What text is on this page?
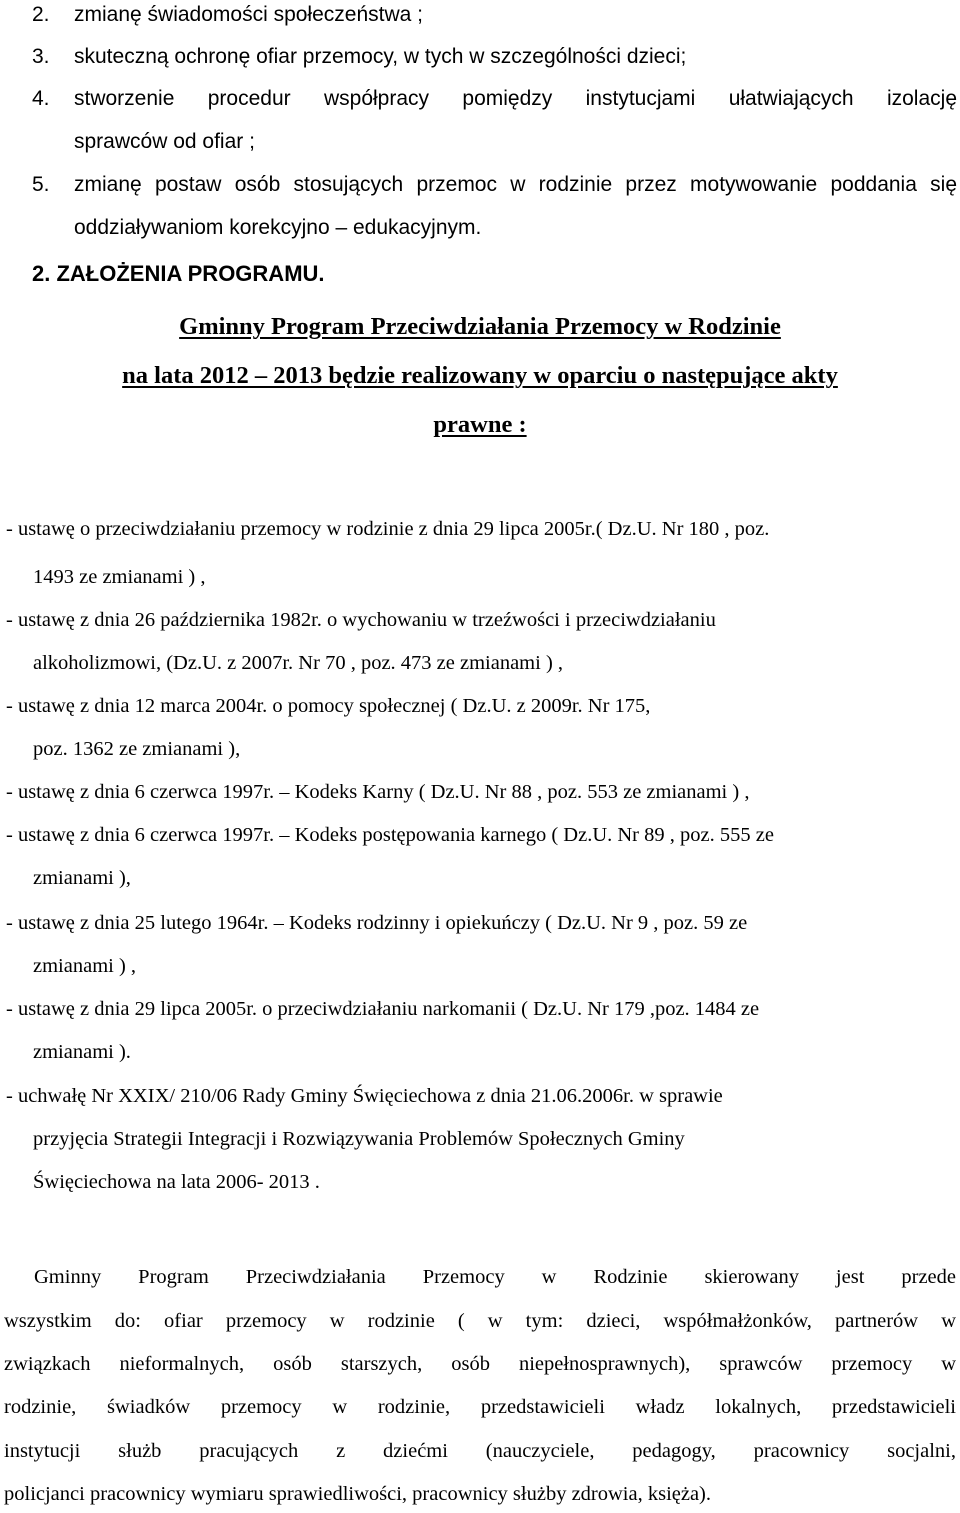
2. zmianę świadomości społeczeństwa ;
3. skuteczną ochronę ofiar przemocy, w tych w szczególności dzieci;
4. stworzenie procedur współpracy pomiędzy instytucjami ułatwiających izolację
sprawców od ofiar ;
5. zmianę postaw osób stosujących przemoc w rodzinie przez motywowanie poddania się
oddziaływaniom korekcyjno – edukacyjnym.
2. ZAŁOŻENIA PROGRAMU.
Gminny Program Przeciwdziałania Przemocy w Rodzinie
na lata 2012 – 2013 będzie realizowany w oparciu o następujące akty
prawne :
- ustawę o przeciwdziałaniu przemocy w rodzinie z dnia 29 lipca 2005r.( Dz.U. Nr 180 , poz.
1493 ze zmianami ) ,
- ustawę z dnia 26 października 1982r. o wychowaniu w trzeźwości i przeciwdziałaniu
alkoholizmowi, (Dz.U. z 2007r. Nr 70 , poz. 473 ze zmianami ) ,
- ustawę z dnia 12 marca 2004r. o pomocy społecznej ( Dz.U. z 2009r. Nr 175,
poz. 1362 ze zmianami ),
- ustawę z dnia 6 czerwca 1997r. – Kodeks Karny ( Dz.U. Nr 88 , poz. 553 ze zmianami ) ,
- ustawę z dnia 6 czerwca 1997r. – Kodeks postępowania karnego ( Dz.U. Nr 89 , poz. 555 ze
zmianami ),
- ustawę z dnia 25 lutego 1964r. – Kodeks rodzinny i opiekuńczy ( Dz.U. Nr 9 , poz. 59 ze
zmianami ) ,
- ustawę z dnia 29 lipca 2005r. o przeciwdziałaniu narkomanii ( Dz.U. Nr 179 ,poz. 1484 ze
zmianami ).
- uchwałę Nr XXIX/ 210/06 Rady Gminy Święciechowa z dnia 21.06.2006r. w sprawie
przyjęcia Strategii Integracji i Rozwiązywania Problemów Społecznych Gminy
Święciechowa na lata 2006- 2013 .
Gminny Program Przeciwdziałania Przemocy w Rodzinie skierowany jest przede
wszystkim do: ofiar przemocy w rodzinie ( w tym: dzieci, współmałżonków, partnerów w
związkach nieformalnych, osób starszych, osób niepełnosprawnych), sprawców przemocy w
rodzinie, świadków przemocy w rodzinie, przedstawicieli władz lokalnych, przedstawicieli
instytucji służb pracujących z dziećmi (nauczyciele, pedagogy, pracownicy socjalni,
policjanci pracownicy wymiaru sprawiedliwości, pracownicy służby zdrowia, księża).
